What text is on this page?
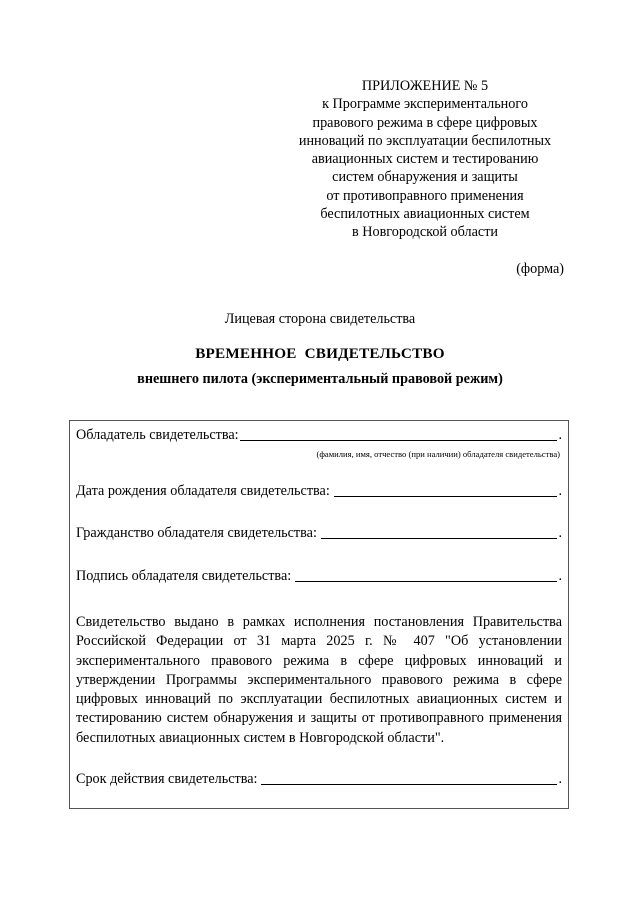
ПРИЛОЖЕНИЕ № 5
к Программе экспериментального
правового режима в сфере цифровых
инноваций по эксплуатации беспилотных
авиационных систем и тестированию
систем обнаружения и защиты
от противоправного применения
беспилотных авиационных систем
в Новгородской области
(форма)
Лицевая сторона свидетельства
ВРЕМЕННОЕ СВИДЕТЕЛЬСТВО
внешнего пилота (экспериментальный правовой режим)
Обладатель свидетельства:	.
(фамилия, имя, отчество (при наличии) обладателя свидетельства)
Дата рождения обладателя свидетельства:	.
Гражданство обладателя свидетельства:	.
Подпись обладателя свидетельства:	.
Свидетельство выдано в рамках исполнения постановления Правительства Российской Федерации от 31 марта 2025 г. № 407 "Об установлении экспериментального правового режима в сфере цифровых инноваций и утверждении Программы экспериментального правового режима в сфере цифровых инноваций по эксплуатации беспилотных авиационных систем и тестированию систем обнаружения и защиты от противоправного применения беспилотных авиационных систем в Новгородской области".
Срок действия свидетельства:	.
